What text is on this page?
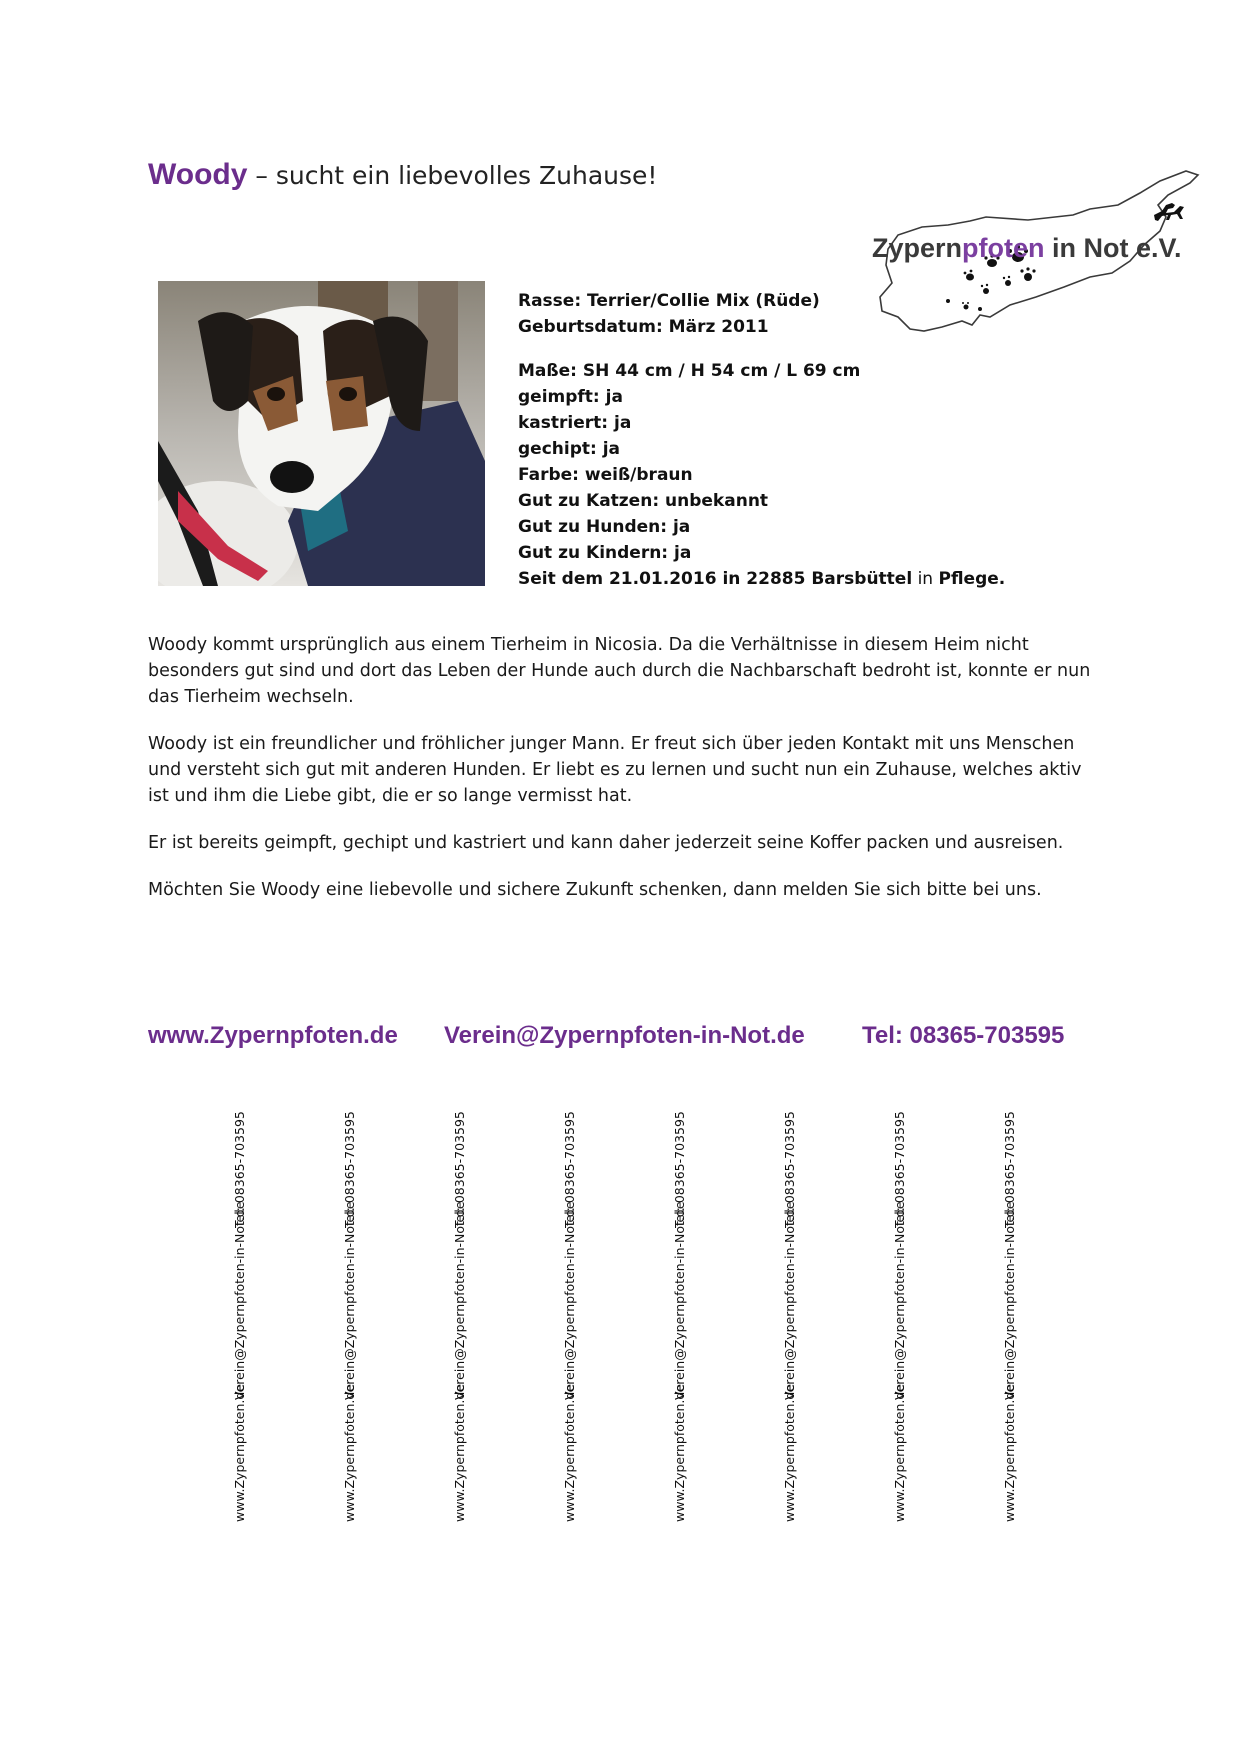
Woody – sucht ein liebevolles Zuhause!
Zypernpfoten in Not e.V.
Rasse: Terrier/Collie Mix (Rüde)
Geburtsdatum: März 2011
Maße: SH 44 cm / H 54 cm / L 69 cm
geimpft: ja
kastriert: ja
gechipt: ja
Farbe: weiß/braun
Gut zu Katzen: unbekannt
Gut zu Hunden: ja
Gut zu Kindern: ja
Seit dem 21.01.2016 in 22885 Barsbüttel in Pflege.

Woody kommt ursprünglich aus einem Tierheim in Nicosia. Da die Verhältnisse in diesem Heim nicht besonders gut sind und dort das Leben der Hunde auch durch die Nachbarschaft bedroht ist, konnte er nun das Tierheim wechseln.

Woody ist ein freundlicher und fröhlicher junger Mann. Er freut sich über jeden Kontakt mit uns Menschen und versteht sich gut mit anderen Hunden. Er liebt es zu lernen und sucht nun ein Zuhause, welches aktiv ist und ihm die Liebe gibt, die er so lange vermisst hat.

Er ist bereits geimpft, gechipt und kastriert und kann daher jederzeit seine Koffer packen und ausreisen.

Möchten Sie Woody eine liebevolle und sichere Zukunft schenken, dann melden Sie sich bitte bei uns.

www.Zypernpfoten.de Verein@Zypernpfoten-in-Not.de Tel: 08365-703595
Tel: 08365-703595
Verein@Zypernpfoten-in-Not.de
www.Zypernpfoten.de
Tel: 08365-703595
Verein@Zypernpfoten-in-Not.de
www.Zypernpfoten.de
Tel: 08365-703595
Verein@Zypernpfoten-in-Not.de
www.Zypernpfoten.de
Tel: 08365-703595
Verein@Zypernpfoten-in-Not.de
www.Zypernpfoten.de
Tel: 08365-703595
Verein@Zypernpfoten-in-Not.de
www.Zypernpfoten.de
Tel: 08365-703595
Verein@Zypernpfoten-in-Not.de
www.Zypernpfoten.de
Tel: 08365-703595
Verein@Zypernpfoten-in-Not.de
www.Zypernpfoten.de
Tel: 08365-703595
Verein@Zypernpfoten-in-Not.de
www.Zypernpfoten.de
